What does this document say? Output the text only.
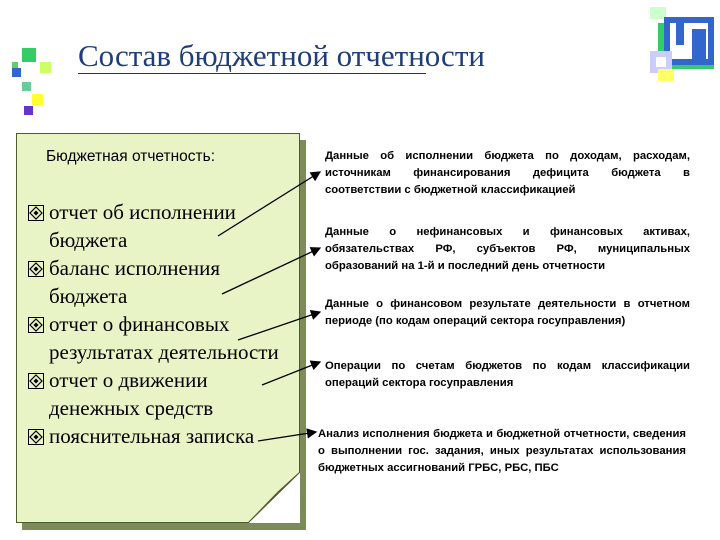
Состав бюджетной отчетности
Бюджетная отчетность:
отчет об исполнении бюджета
баланс исполнения бюджета
отчет о финансовых результатах деятельности
отчет о движении денежных средств
пояснительная записка
Данные об исполнении бюджета по доходам, расходам, источникам финансирования дефицита бюджета в соответствии с бюджетной классификацией
Данные о нефинансовых и финансовых активах, обязательствах РФ, субъектов РФ, муниципальных образований на 1-й и последний день отчетности
Данные о финансовом результате деятельности в отчетном периоде (по кодам операций сектора госуправления)
Операции по счетам бюджетов по кодам классификации операций сектора госуправления
Анализ исполнения бюджета и бюджетной отчетности, сведения о выполнении гос. задания, иных результатах использования бюджетных ассигнований ГРБС, РБС, ПБС
